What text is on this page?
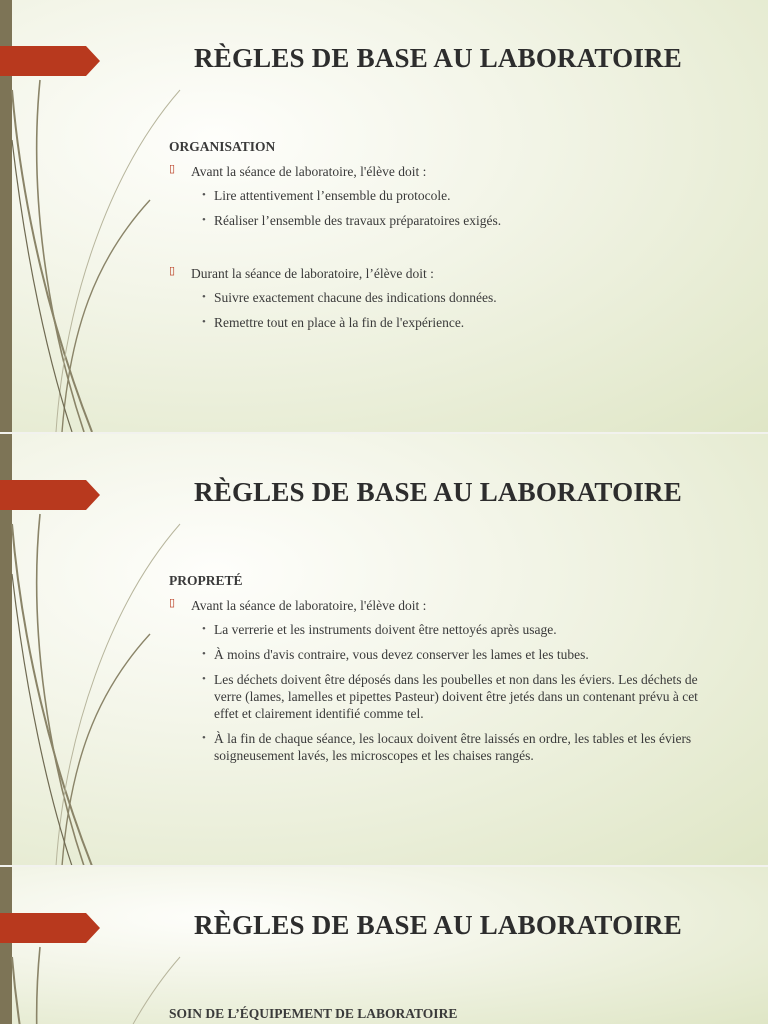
RÈGLES DE BASE AU LABORATOIRE
ORGANISATION
▯ Avant la séance de laboratoire, l'élève doit :
• Lire attentivement l’ensemble du protocole.
• Réaliser l’ensemble des travaux préparatoires exigés.
▯ Durant la séance de laboratoire, l’élève doit :
• Suivre exactement chacune des indications données.
• Remettre tout en place à la fin de l'expérience.
RÈGLES DE BASE AU LABORATOIRE
PROPRETÉ
▯ Avant la séance de laboratoire, l'élève doit :
• La verrerie et les instruments doivent être nettoyés après usage.
• À moins d'avis contraire, vous devez conserver les lames et les tubes.
• Les déchets doivent être déposés dans les poubelles et non dans les éviers. Les déchets de verre (lames, lamelles et pipettes Pasteur) doivent être jetés dans un contenant prévu à cet effet et clairement identifié comme tel.
• À la fin de chaque séance, les locaux doivent être laissés en ordre, les tables et les éviers soigneusement lavés, les microscopes et les chaises rangés.
RÈGLES DE BASE AU LABORATOIRE
SOIN DE L’ÉQUIPEMENT DE LABORATOIRE
